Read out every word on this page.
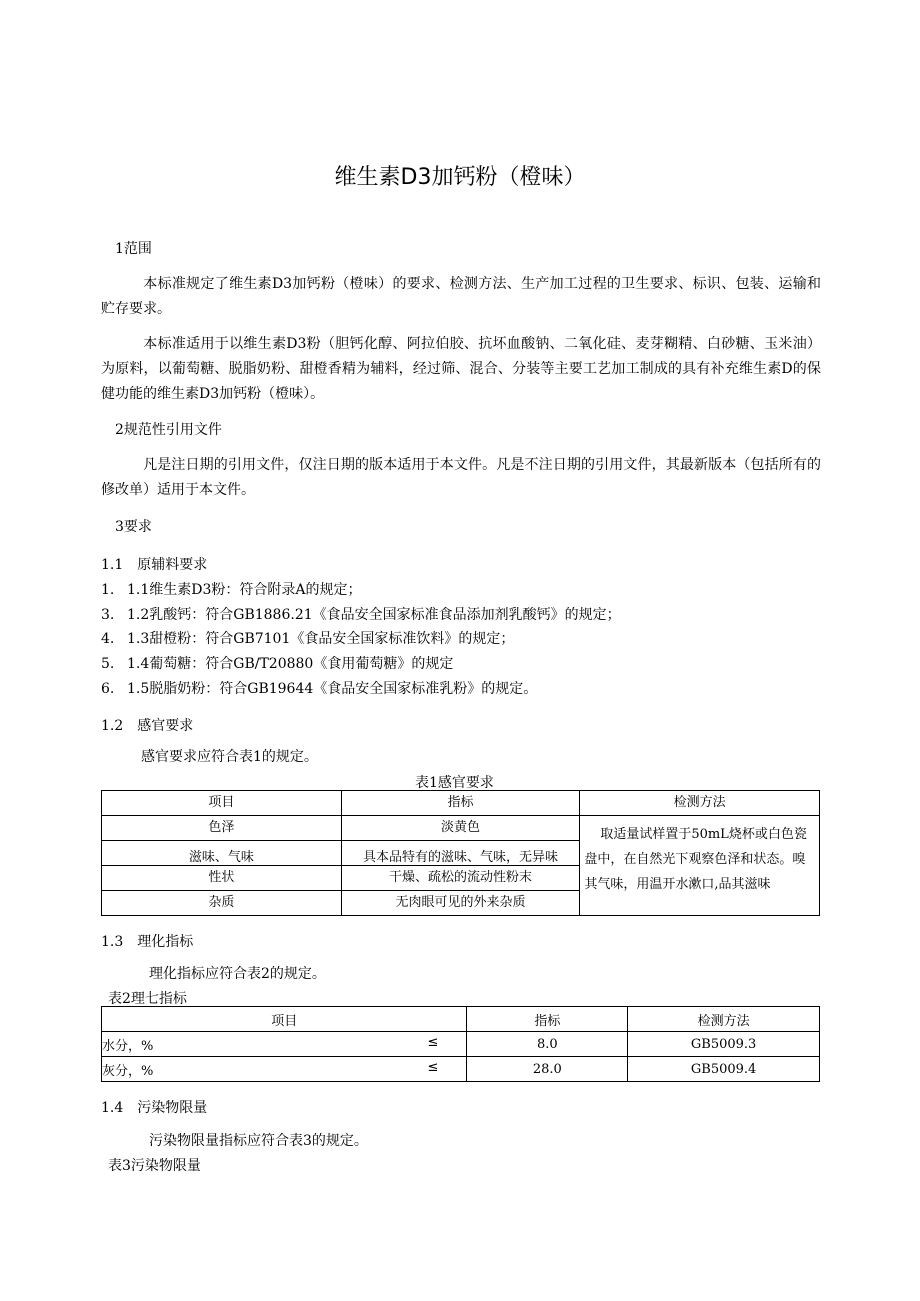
维生素D3加钙粉（橙味）
1范围
本标准规定了维生素D3加钙粉（橙味）的要求、检测方法、生产加工过程的卫生要求、标识、包装、运输和贮存要求。
本标准适用于以维生素D3粉（胆钙化醇、阿拉伯胶、抗坏血酸钠、二氧化硅、麦芽糊精、白砂糖、玉米油）为原料，以葡萄糖、脱脂奶粉、甜橙香精为辅料，经过筛、混合、分装等主要工艺加工制成的具有补充维生素D的保健功能的维生素D3加钙粉（橙味）。
2规范性引用文件
凡是注日期的引用文件，仅注日期的版本适用于本文件。凡是不注日期的引用文件，其最新版本（包括所有的修改单）适用于本文件。
3要求
1.1 原辅料要求
1. 1.1维生素D3粉：符合附录A的规定；
3. 1.2乳酸钙：符合GB1886.21《食品安全国家标准食品添加剂乳酸钙》的规定；
4. 1.3甜橙粉：符合GB7101《食品安全国家标准饮料》的规定；
5. 1.4葡萄糖：符合GB/T20880《食用葡萄糖》的规定
6. 1.5脱脂奶粉：符合GB19644《食品安全国家标准乳粉》的规定。
1.2 感官要求
感官要求应符合表1的规定。
表1感官要求
项目	指标	检测方法
色泽	淡黄色	取适量试样置于50mL烧杯或白色瓷盘中，在自然光下观察色泽和状态。嗅其气味，用温开水漱口,品其滋味
滋味、气味	具本品特有的滋味、气味，无异味	
性状	干燥、疏松的流动性粉末	
杂质	无肉眼可见的外来杂质	
1.3 理化指标
理化指标应符合表2的规定。
表2理七指标
项目	指标	检测方法
水分，% ≤	8.0	GB5009.3
灰分，% ≤	28.0	GB5009.4
1.4 污染物限量
污染物限量指标应符合表3的规定。
表3污染物限量
